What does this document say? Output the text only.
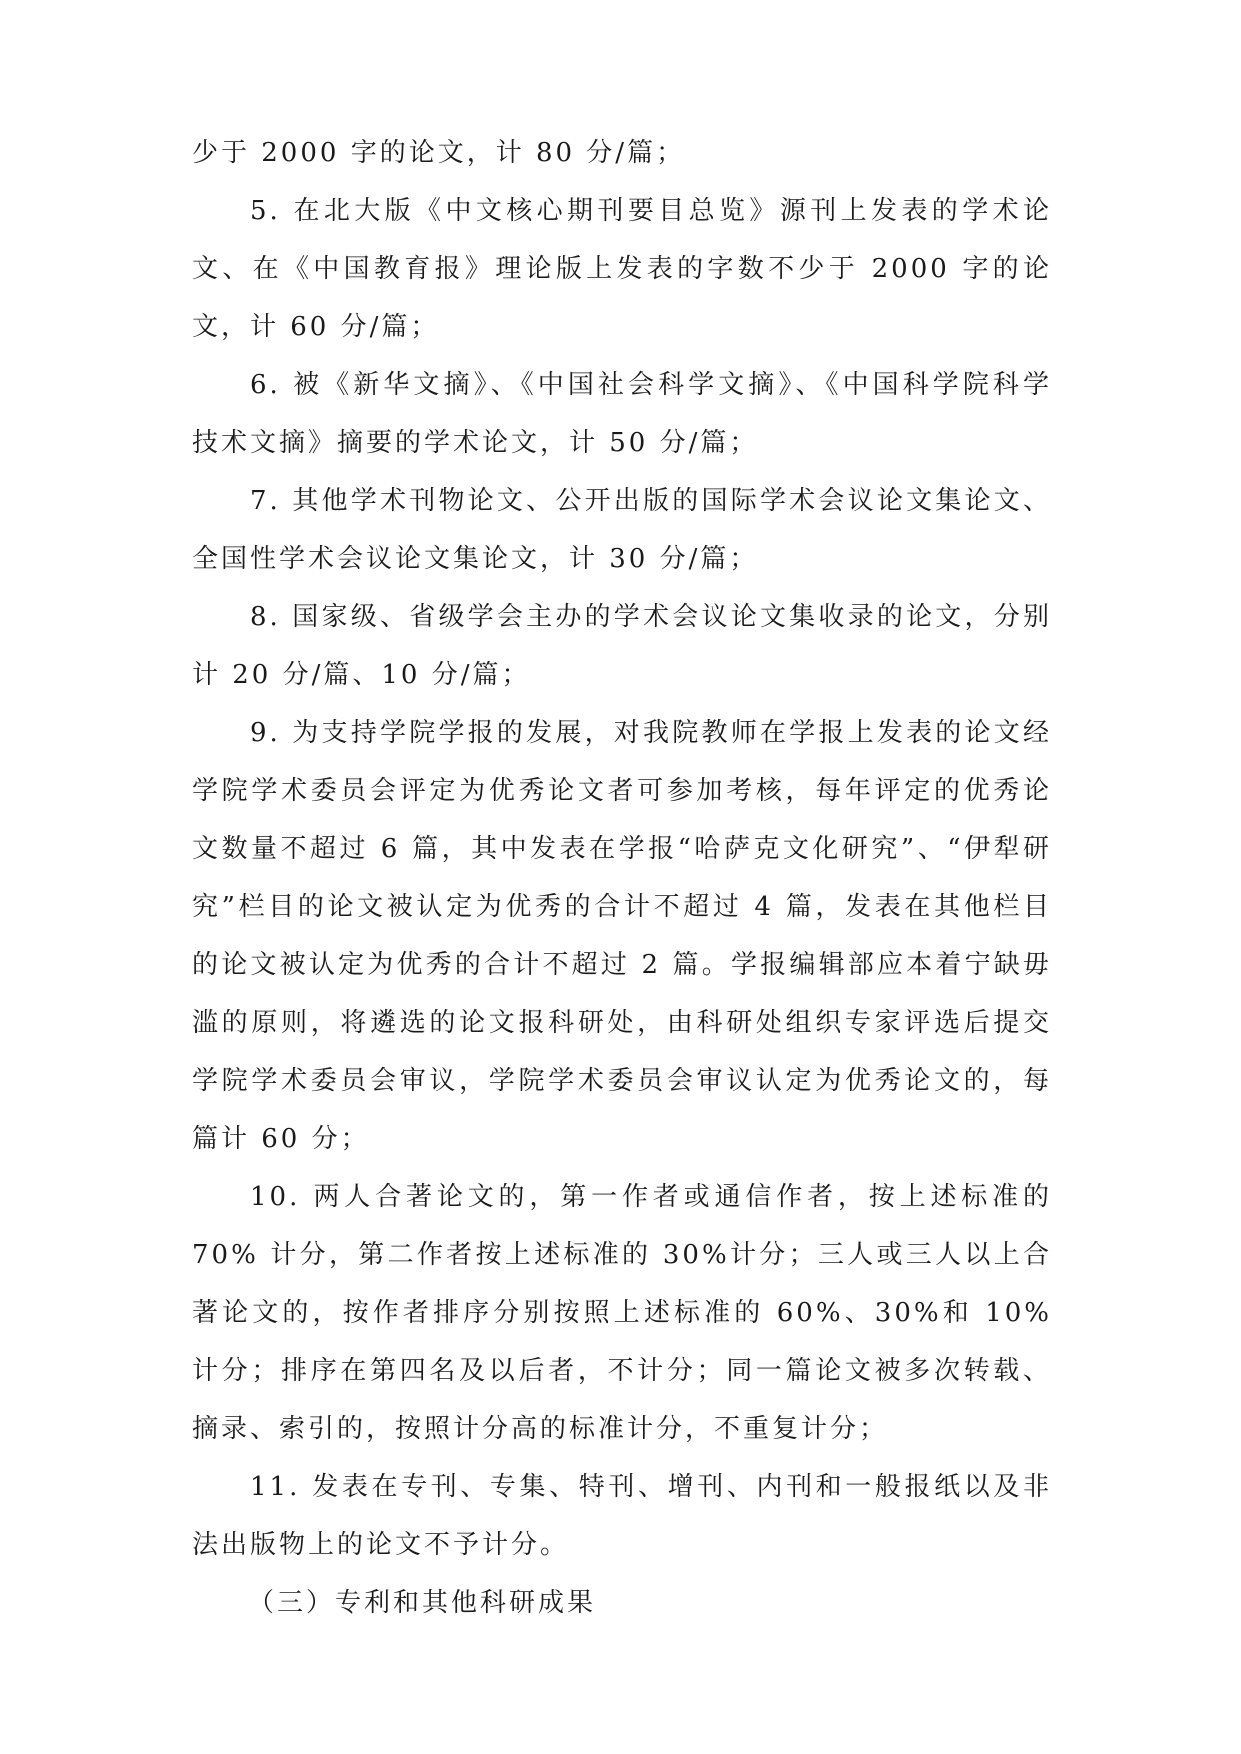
少于 2000 字的论文，计 80 分/篇；

5. 在北大版《中文核心期刊要目总览》源刊上发表的学术论文、在《中国教育报》理论版上发表的字数不少于 2000 字的论文，计 60 分/篇；

6. 被《新华文摘》、《中国社会科学文摘》、《中国科学院科学技术文摘》摘要的学术论文，计 50 分/篇；

7. 其他学术刊物论文、公开出版的国际学术会议论文集论文、全国性学术会议论文集论文，计 30 分/篇；

8. 国家级、省级学会主办的学术会议论文集收录的论文，分别计 20 分/篇、10 分/篇；

9. 为支持学院学报的发展，对我院教师在学报上发表的论文经学院学术委员会评定为优秀论文者可参加考核，每年评定的优秀论文数量不超过 6 篇，其中发表在学报“哈萨克文化研究”、“伊犁研究”栏目的论文被认定为优秀的合计不超过 4 篇，发表在其他栏目的论文被认定为优秀的合计不超过 2 篇。学报编辑部应本着宁缺毋滥的原则，将遴选的论文报科研处，由科研处组织专家评选后提交学院学术委员会审议，学院学术委员会审议认定为优秀论文的，每篇计 60 分；

10. 两人合著论文的，第一作者或通信作者，按上述标准的 70% 计分，第二作者按上述标准的 30%计分；三人或三人以上合著论文的，按作者排序分别按照上述标准的 60%、30%和 10%计分；排序在第四名及以后者，不计分；同一篇论文被多次转载、摘录、索引的，按照计分高的标准计分，不重复计分；

11. 发表在专刊、专集、特刊、增刊、内刊和一般报纸以及非法出版物上的论文不予计分。

（三）专利和其他科研成果
